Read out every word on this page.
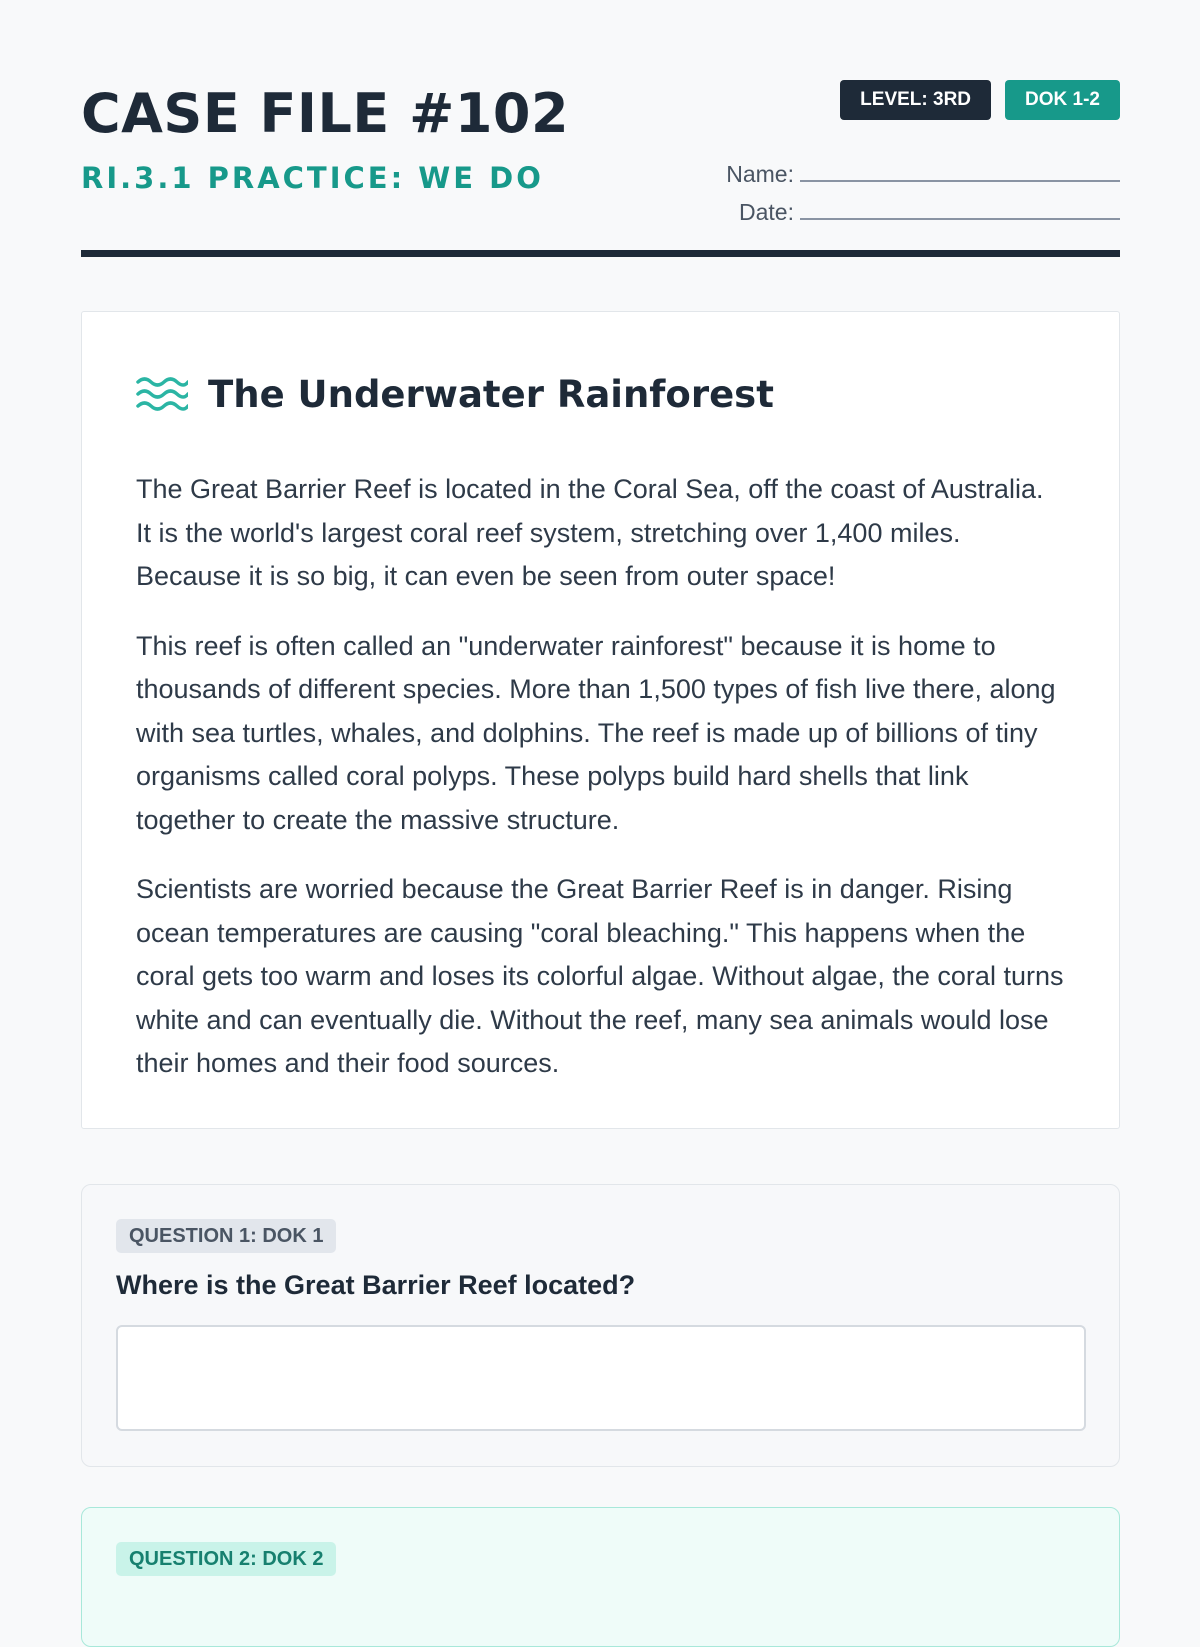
CASE FILE #102
RI.3.1 PRACTICE: WE DO
LEVEL: 3RD	DOK 1-2
Name:
Date:
The Underwater Rainforest

The Great Barrier Reef is located in the Coral Sea, off the coast of Australia. It is the world's largest coral reef system, stretching over 1,400 miles. Because it is so big, it can even be seen from outer space!

This reef is often called an "underwater rainforest" because it is home to thousands of different species. More than 1,500 types of fish live there, along with sea turtles, whales, and dolphins. The reef is made up of billions of tiny organisms called coral polyps. These polyps build hard shells that link together to create the massive structure.

Scientists are worried because the Great Barrier Reef is in danger. Rising ocean temperatures are causing "coral bleaching." This happens when the coral gets too warm and loses its colorful algae. Without algae, the coral turns white and can eventually die. Without the reef, many sea animals would lose their homes and their food sources.

QUESTION 1: DOK 1
Where is the Great Barrier Reef located?
QUESTION 2: DOK 2
